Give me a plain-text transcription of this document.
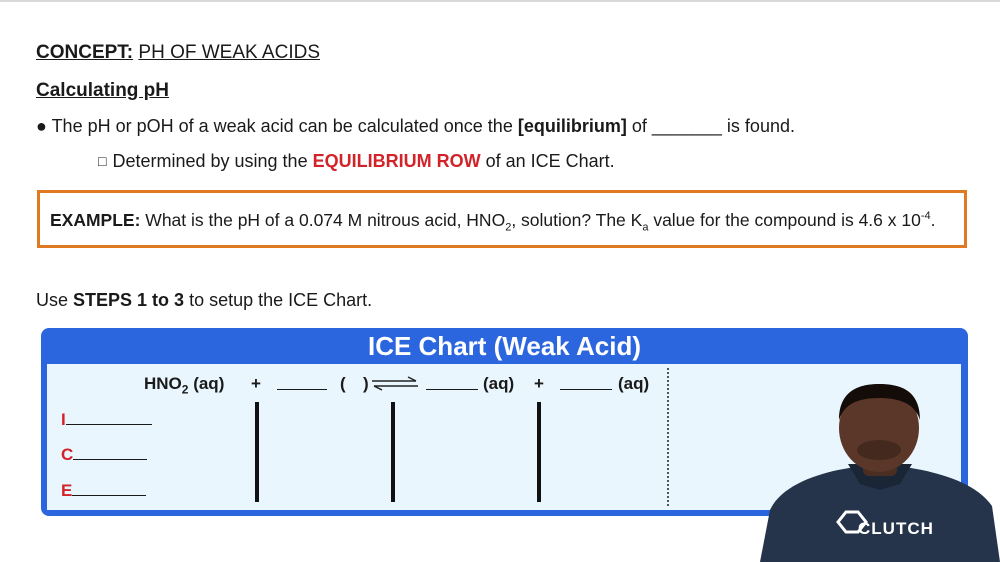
CONCEPT: PH OF WEAK ACIDS
Calculating pH
● The pH or pOH of a weak acid can be calculated once the [equilibrium] of _______ is found.
□ Determined by using the EQUILIBRIUM ROW of an ICE Chart.
EXAMPLE: What is the pH of a 0.074 M nitrous acid, $HNO_2$, solution? The $K_a$ value for the compound is 4.6 x $10^{-4}$.
Use STEPS 1 to 3 to setup the ICE Chart.
ICE Chart (Weak Acid)
$HNO_2$ (aq) +	( ) ⇌	(aq) +	(aq)
I
C
E
CLUTCH
